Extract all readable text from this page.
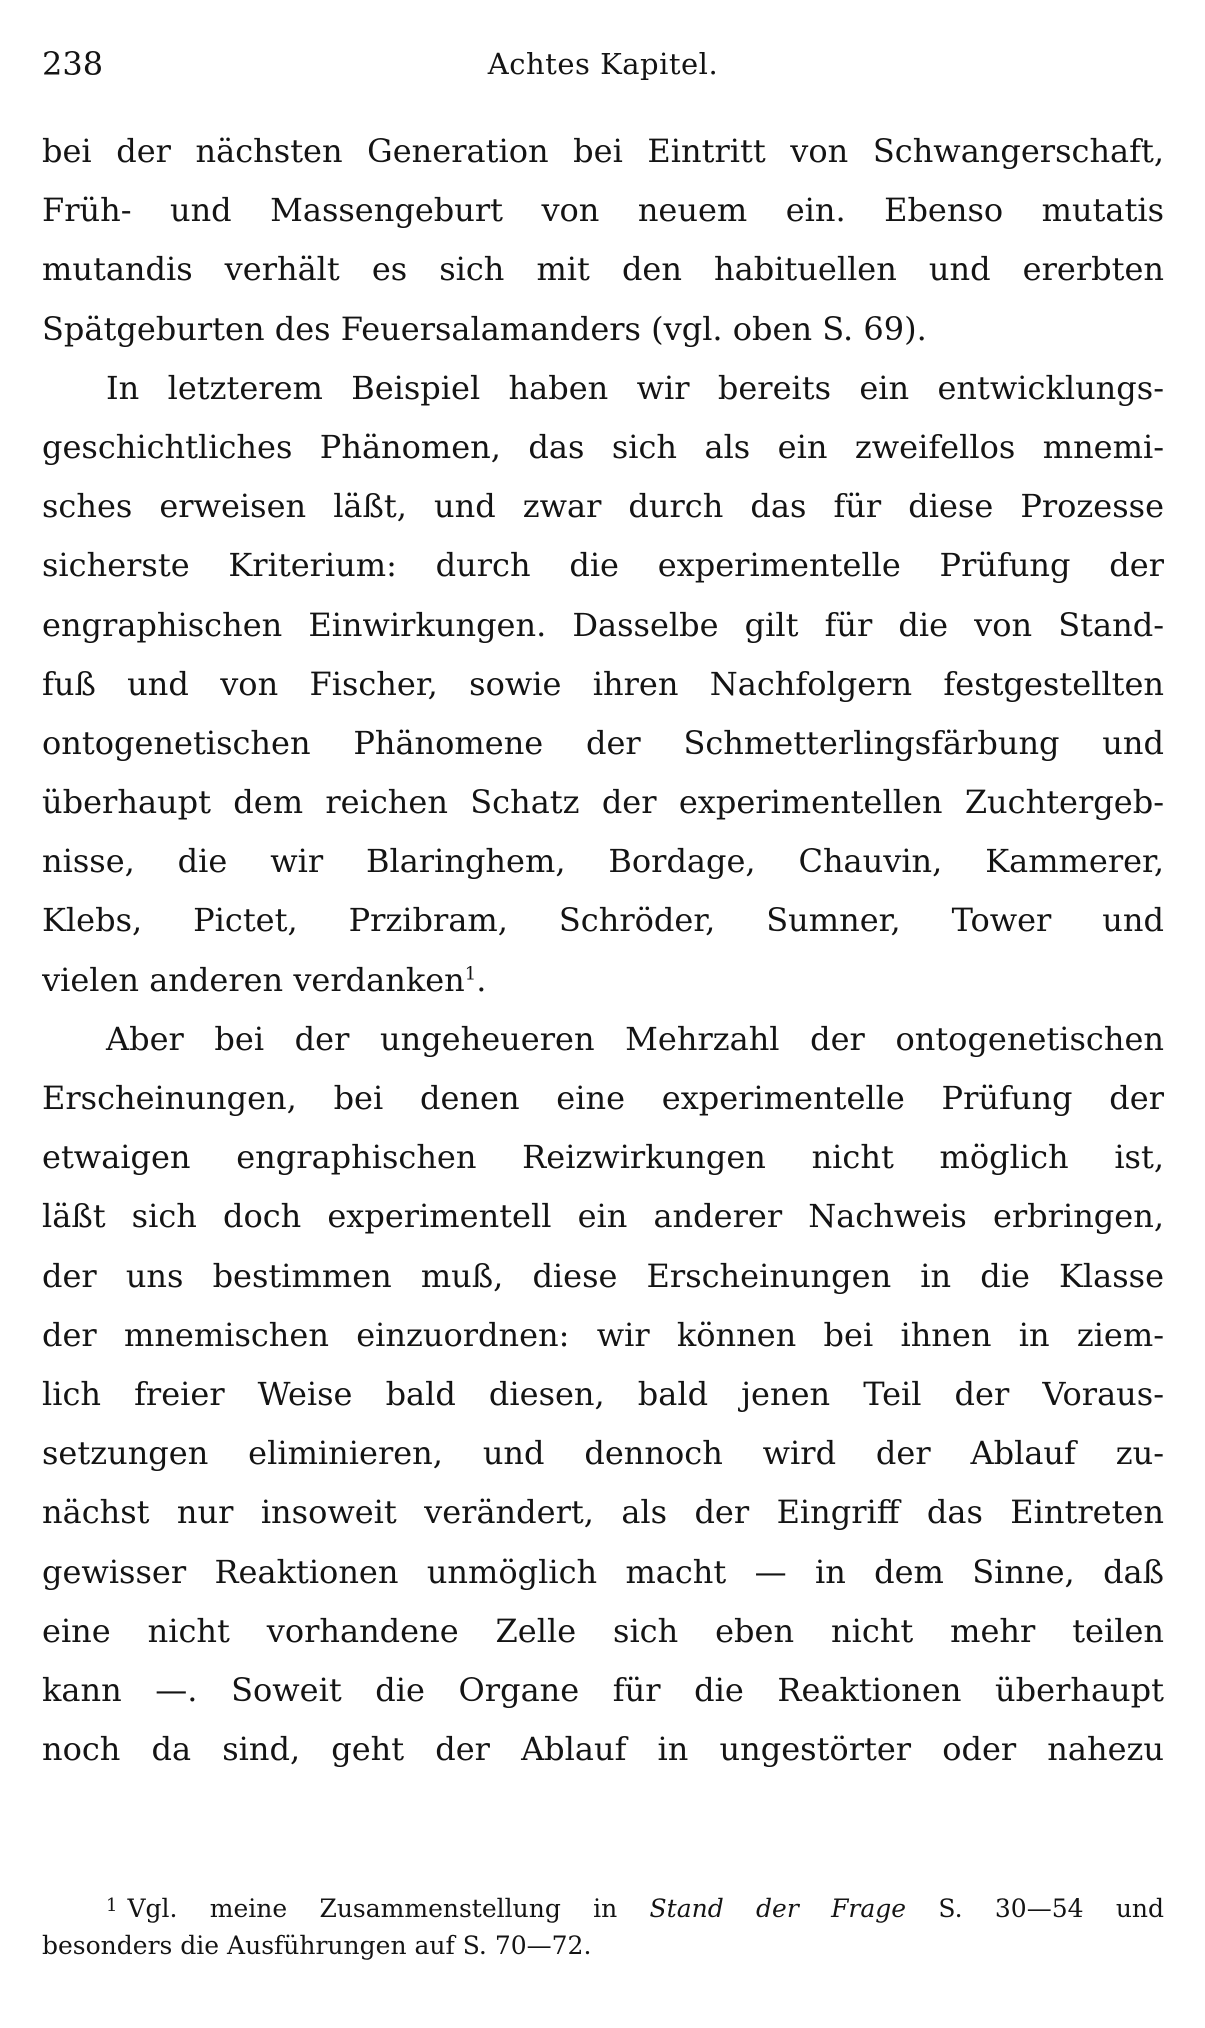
238	Achtes Kapitel.
bei der nächsten Generation bei Eintritt von Schwangerschaft,
Früh- und Massengeburt von neuem ein. Ebenso mutatis
mutandis verhält es sich mit den habituellen und ererbten
Spätgeburten des Feuersalamanders (vgl. oben S. 69).
In letzterem Beispiel haben wir bereits ein entwicklungs-
geschichtliches Phänomen, das sich als ein zweifellos mnemi-
sches erweisen läßt, und zwar durch das für diese Prozesse
sicherste Kriterium: durch die experimentelle Prüfung der
engraphischen Einwirkungen. Dasselbe gilt für die von Stand-
fuß und von Fischer, sowie ihren Nachfolgern festgestellten
ontogenetischen Phänomene der Schmetterlingsfärbung und
überhaupt dem reichen Schatz der experimentellen Zuchtergeb-
nisse, die wir Blaringhem, Bordage, Chauvin, Kammerer,
Klebs, Pictet, Przibram, Schröder, Sumner, Tower und
vielen anderen verdanken$^1$.
Aber bei der ungeheueren Mehrzahl der ontogenetischen
Erscheinungen, bei denen eine experimentelle Prüfung der
etwaigen engraphischen Reizwirkungen nicht möglich ist,
läßt sich doch experimentell ein anderer Nachweis erbringen,
der uns bestimmen muß, diese Erscheinungen in die Klasse
der mnemischen einzuordnen: wir können bei ihnen in ziem-
lich freier Weise bald diesen, bald jenen Teil der Voraus-
setzungen eliminieren, und dennoch wird der Ablauf zu-
nächst nur insoweit verändert, als der Eingriff das Eintreten
gewisser Reaktionen unmöglich macht — in dem Sinne, daß
eine nicht vorhandene Zelle sich eben nicht mehr teilen
kann —. Soweit die Organe für die Reaktionen überhaupt
noch da sind, geht der Ablauf in ungestörter oder nahezu
$^1$ Vgl. meine Zusammenstellung in Stand der Frage S. 30—54 und
besonders die Ausführungen auf S. 70—72.
